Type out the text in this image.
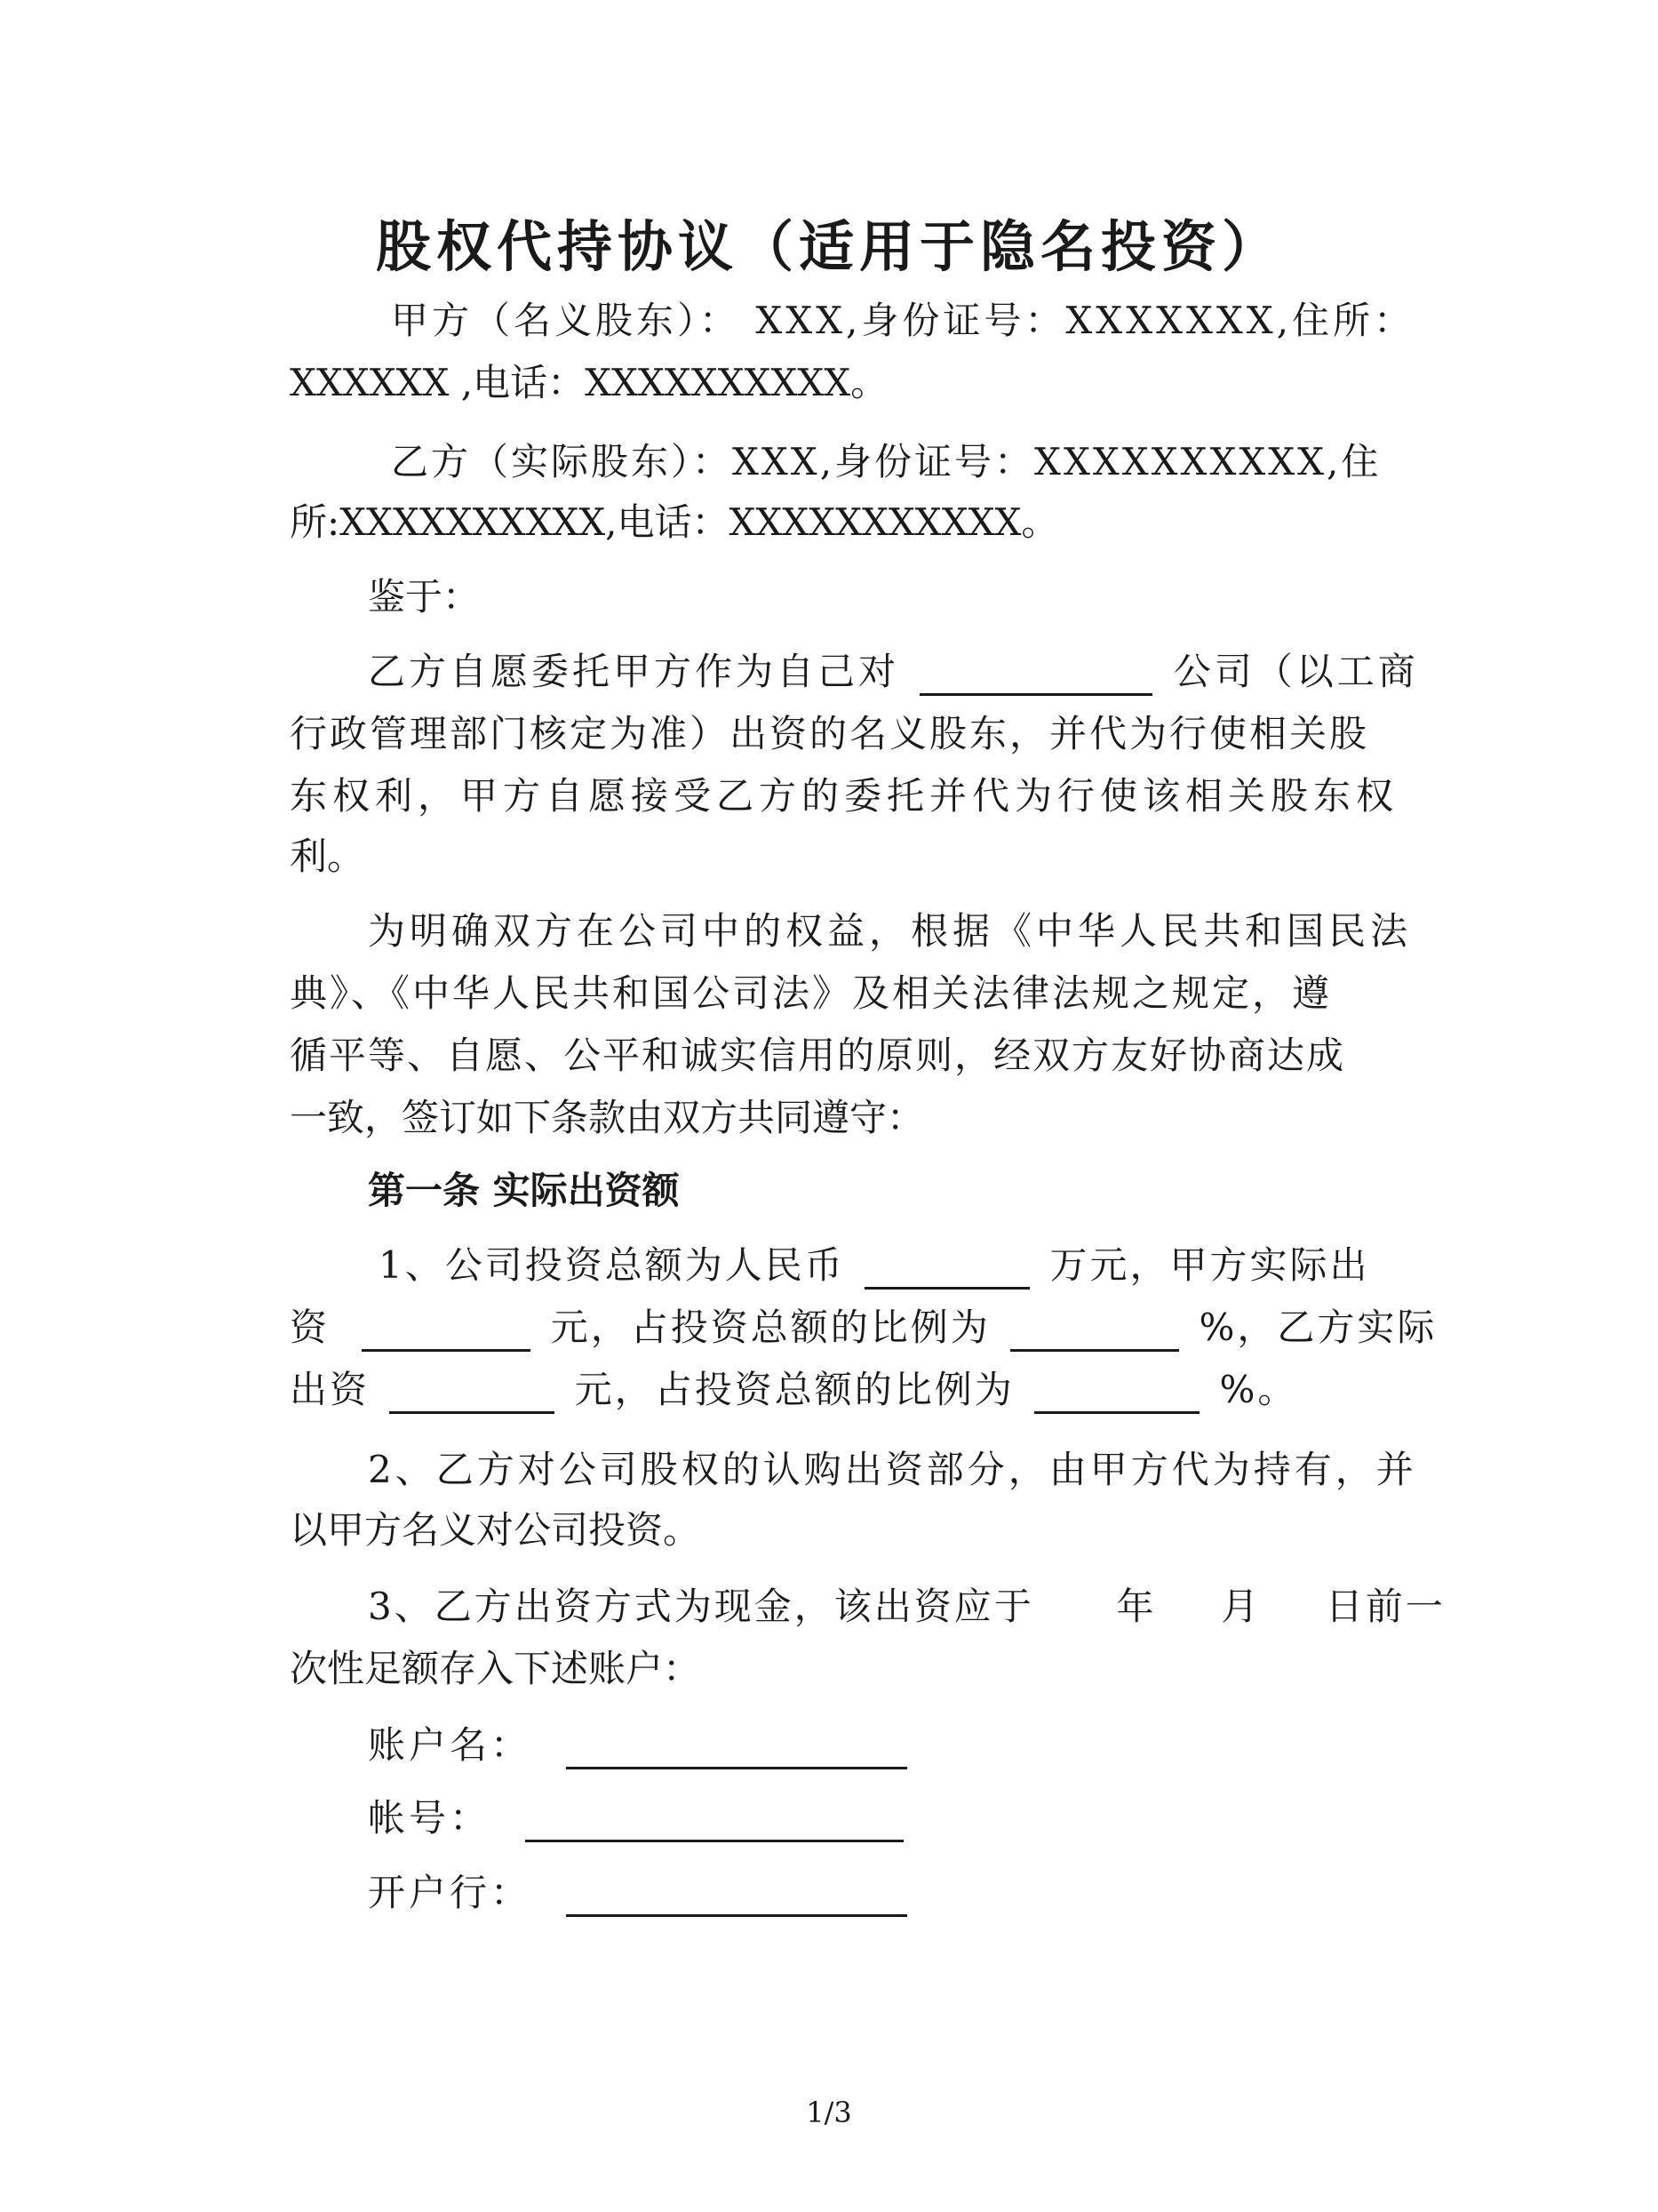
股权代持协议（适用于隐名投资）
甲方（名义股东）： XXX,身份证号：XXXXXXX,住所：
XXXXXX ,电话：XXXXXXXXXX。
乙方（实际股东）：XXX,身份证号：XXXXXXXXXX,住
所:XXXXXXXXXX,电话：XXXXXXXXXXX。
鉴于：
乙方自愿委托甲方作为自己对	公司（以工商
行政管理部门核定为准）出资的名义股东，并代为行使相关股
东权利，甲方自愿接受乙方的委托并代为行使该相关股东权
利。
为明确双方在公司中的权益，根据《中华人民共和国民法
典》、《中华人民共和国公司法》及相关法律法规之规定，遵
循平等、自愿、公平和诚实信用的原则，经双方友好协商达成
一致，签订如下条款由双方共同遵守：
第一条 实际出资额
1、公司投资总额为人民币	万元，甲方实际出
资	元，占投资总额的比例为	%，乙方实际
出资	元，占投资总额的比例为	%。
2、乙方对公司股权的认购出资部分，由甲方代为持有，并
以甲方名义对公司投资。
3、乙方出资方式为现金，该出资应于 年 月 日前一
次性足额存入下述账户：
账户名：
帐号：
开户行：
1/3
